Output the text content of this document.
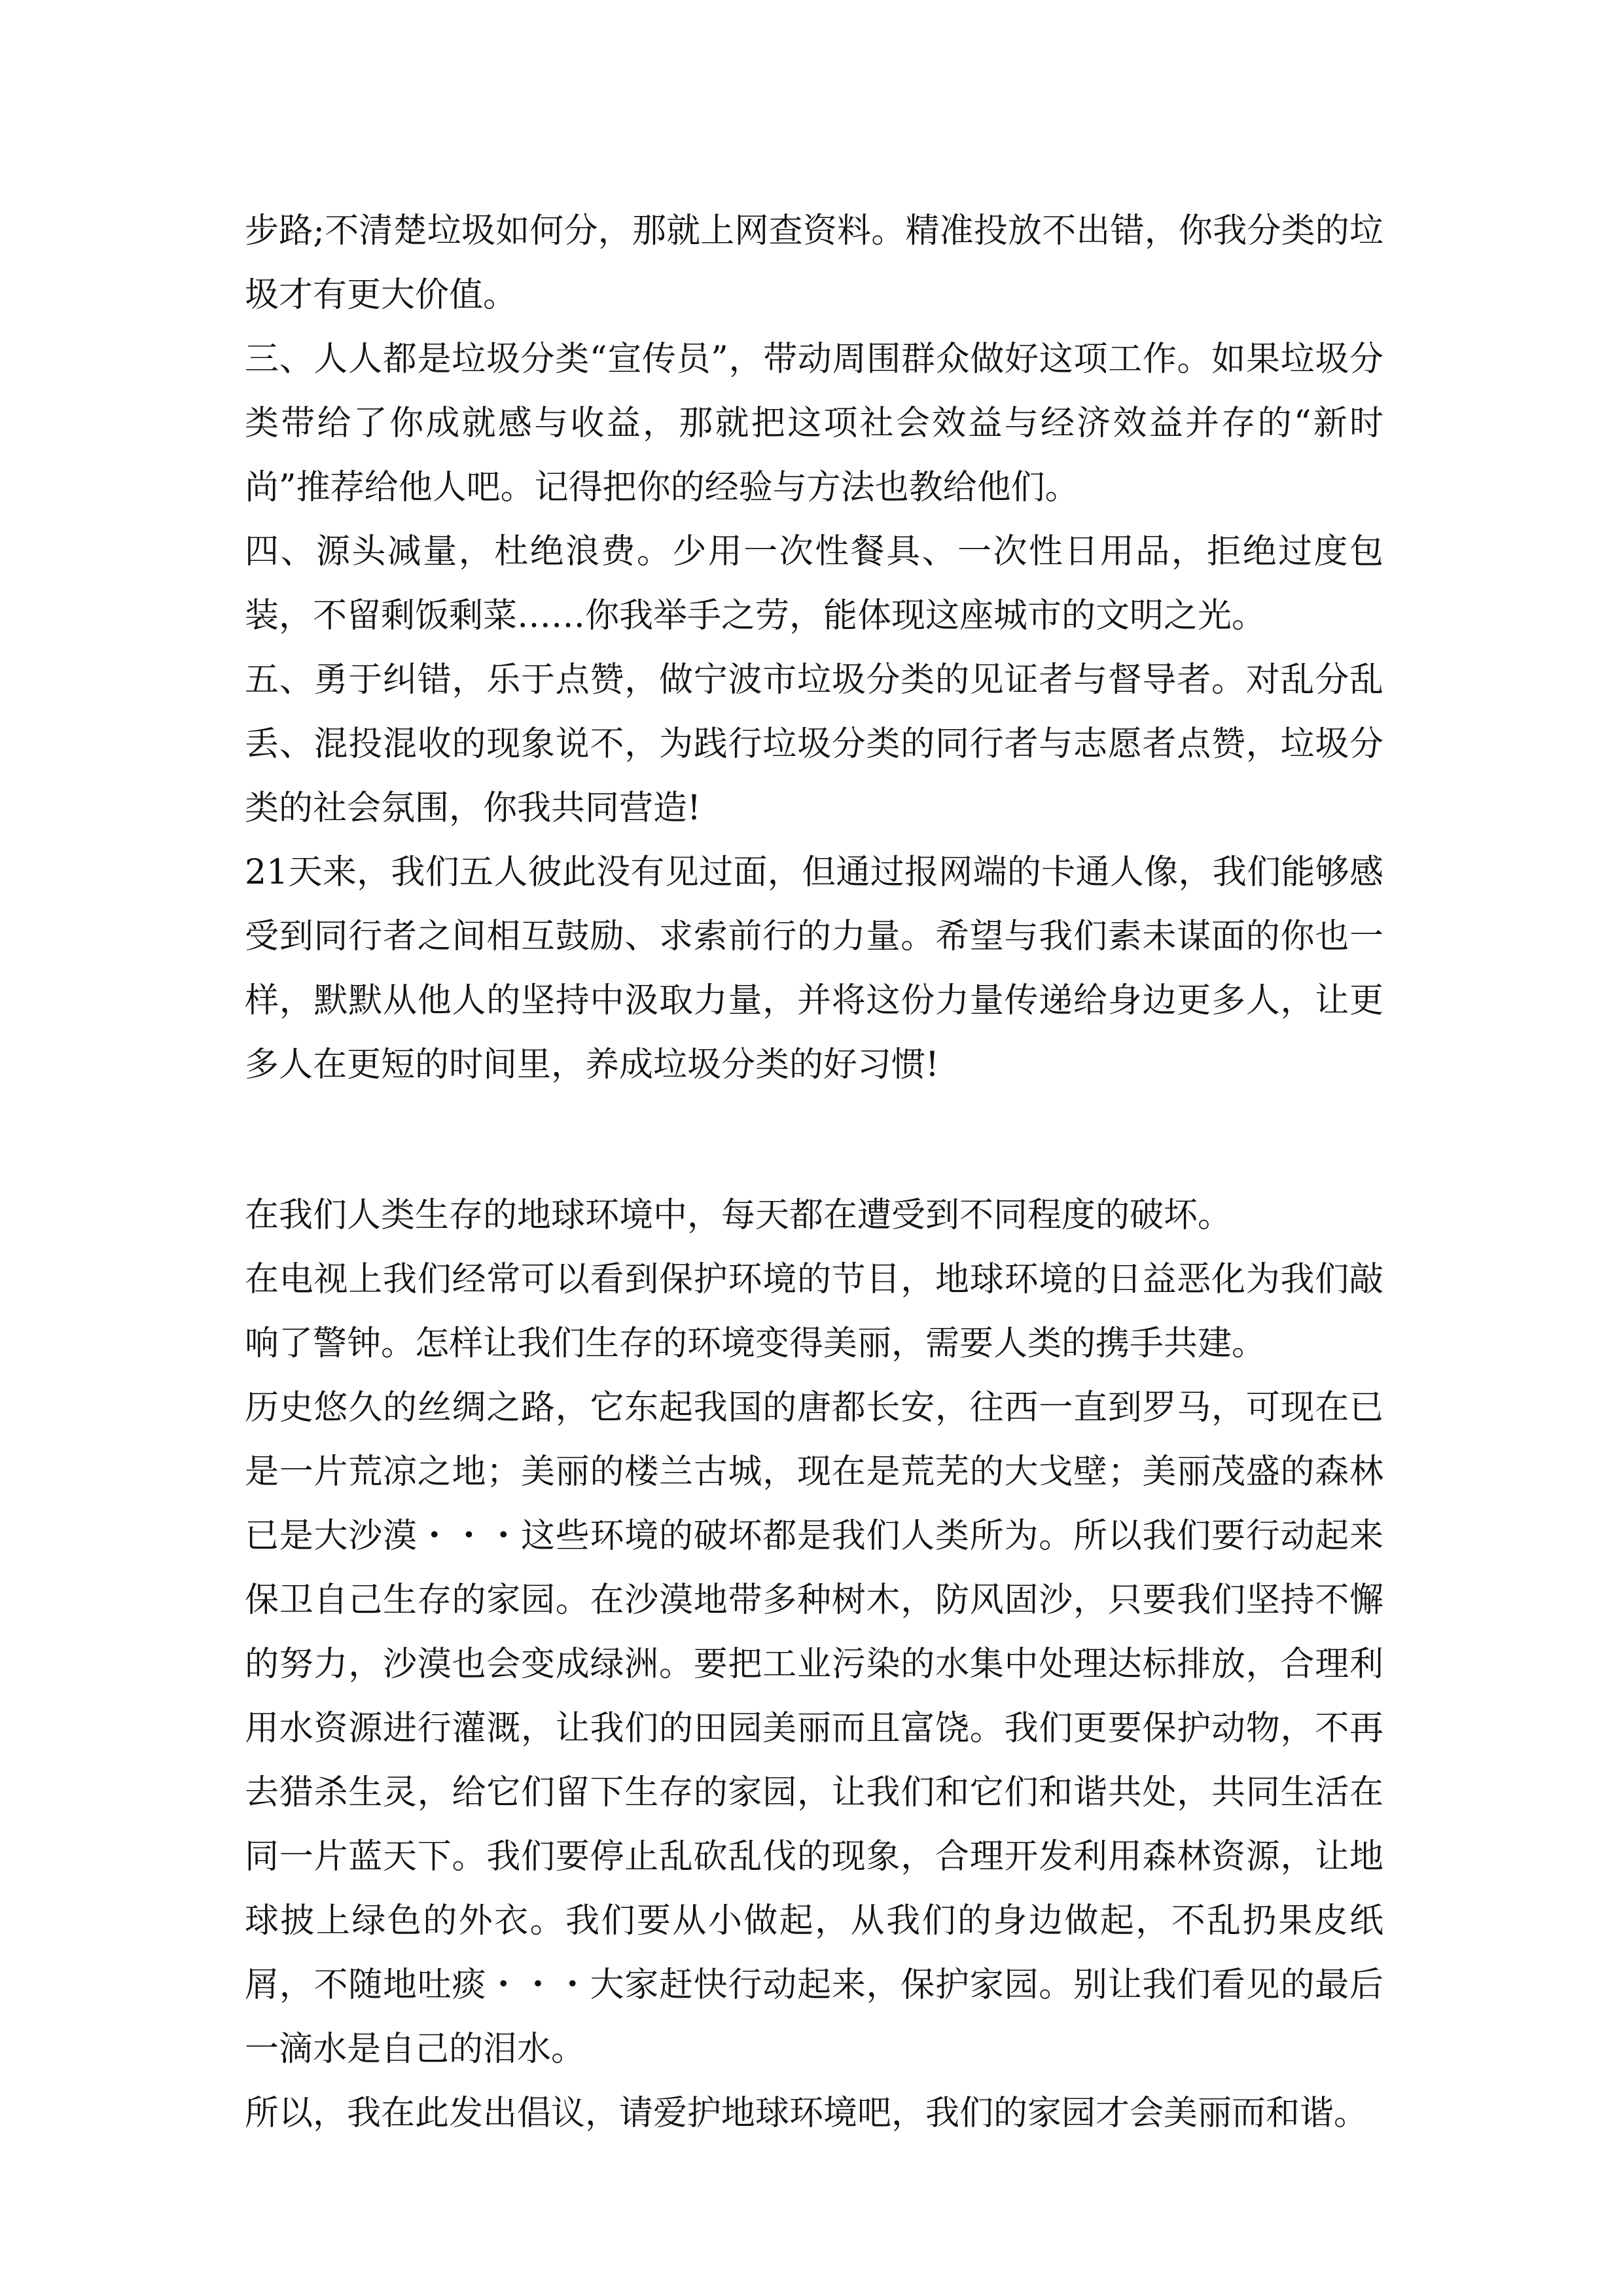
步路;不清楚垃圾如何分，那就上网查资料。精准投放不出错，你我分类的垃圾才有更大价值。

三、人人都是垃圾分类“宣传员”，带动周围群众做好这项工作。如果垃圾分类带给了你成就感与收益，那就把这项社会效益与经济效益并存的“新时尚”推荐给他人吧。记得把你的经验与方法也教给他们。

四、源头减量，杜绝浪费。少用一次性餐具、一次性日用品，拒绝过度包装，不留剩饭剩菜……你我举手之劳，能体现这座城市的文明之光。

五、勇于纠错，乐于点赞，做宁波市垃圾分类的见证者与督导者。对乱分乱丢、混投混收的现象说不，为践行垃圾分类的同行者与志愿者点赞，垃圾分类的社会氛围，你我共同营造!

21天来，我们五人彼此没有见过面，但通过报网端的卡通人像，我们能够感受到同行者之间相互鼓励、求索前行的力量。希望与我们素未谋面的你也一样，默默从他人的坚持中汲取力量，并将这份力量传递给身边更多人，让更多人在更短的时间里，养成垃圾分类的好习惯!

在我们人类生存的地球环境中，每天都在遭受到不同程度的破坏。

在电视上我们经常可以看到保护环境的节目，地球环境的日益恶化为我们敲响了警钟。怎样让我们生存的环境变得美丽，需要人类的携手共建。

历史悠久的丝绸之路，它东起我国的唐都长安，往西一直到罗马，可现在已是一片荒凉之地；美丽的楼兰古城，现在是荒芜的大戈壁；美丽茂盛的森林已是大沙漠・・・这些环境的破坏都是我们人类所为。所以我们要行动起来保卫自己生存的家园。在沙漠地带多种树木，防风固沙，只要我们坚持不懈的努力，沙漠也会变成绿洲。要把工业污染的水集中处理达标排放，合理利用水资源进行灌溉，让我们的田园美丽而且富饶。我们更要保护动物，不再去猎杀生灵，给它们留下生存的家园，让我们和它们和谐共处，共同生活在同一片蓝天下。我们要停止乱砍乱伐的现象，合理开发利用森林资源，让地球披上绿色的外衣。我们要从小做起，从我们的身边做起，不乱扔果皮纸屑，不随地吐痰・・・大家赶快行动起来，保护家园。别让我们看见的最后一滴水是自己的泪水。

所以，我在此发出倡议，请爱护地球环境吧，我们的家园才会美丽而和谐。
